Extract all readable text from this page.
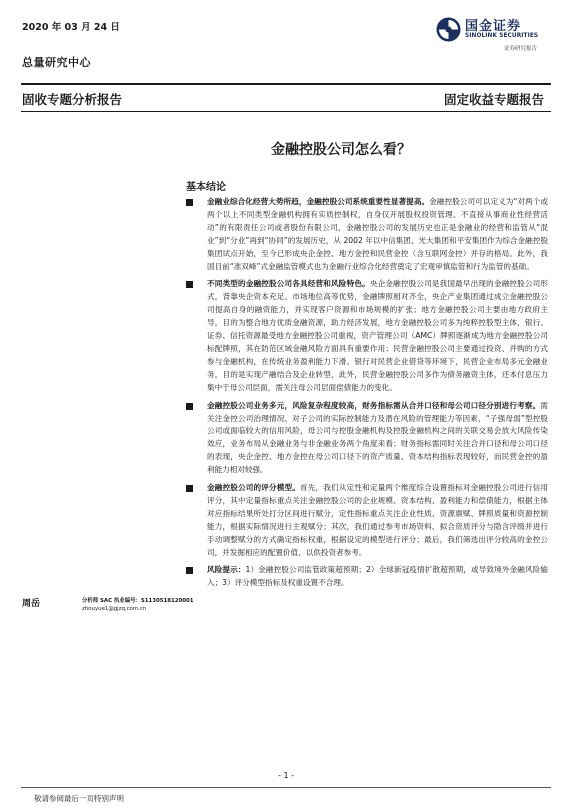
2020 年 03 月 24 日
总量研究中心
国金证券
SINOLINK SECURITIES
证券研究报告
固收专题分析报告	固定收益专题报告
金融控股公司怎么看？
基本结论
金融业综合化经营大势所趋，金融控股公司系统重要性显著提高。金融控股公司可以定义为“对两个或两个以上不同类型金融机构拥有实质控制权，自身仅开展股权投资管理、不直接从事商业性经营活动”的有限责任公司或者股份有限公司，金融控股公司的发展历史也正是金融业的经营和监管从“混业”到“分业”再到“协同”的发展历史，从 2002 年以中信集团、光大集团和平安集团作为综合金融控股集团试点开始，至今已形成央企金控、地方金控和民营金控（含互联网金控）并存的格局。此外，我国目前“准双峰”式金融监管模式也为金融行业综合化经营奠定了宏观审慎监管和行为监管的基础。
不同类型的金融控股公司各具经营和风险特色。央企金融控股公司是我国最早出现的金融控股公司形式，背靠央企资本充足、市场地位高等优势，金融牌照相对齐全，央企产业集团通过成立金融控股公司提高自身的融资能力，并实现客户资源和市场规模的扩张；地方金融控股公司主要由地方政府主导，目的为整合地方优质金融资源，助力经济发展，地方金融控股公司多为纯粹控股型主体，银行、证券、信托资源最受地方金融控股公司重视，资产管理公司（AMC）牌照逐渐成为地方金融控股公司标配牌照，其在防范区域金融风险方面具有重要作用；民营金融控股公司主要通过投资、并购的方式参与金融机构，在传统业务盈利能力下滑、银行对民营企业借贷等环境下，民营企业布局多元金融业务，目的是实现产融结合及企业转型，此外，民营金融控股公司多作为债务融资主体，还本付息压力集中于母公司层面，需关注母公司层面偿债能力的变化。
金融控股公司业务多元，风险复杂程度较高，财务指标需从合并口径和母公司口径分别进行考察。需关注金控公司治理情况、对子公司的实际控制能力及潜在风险的管理能力等因素，“子强母弱”型控股公司或面临较大的信用风险，母公司与控股金融机构及控股金融机构之间的关联交易会放大风险传染效应，业务布局从金融业务与非金融业务两个角度来看；财务指标需同时关注合并口径和母公司口径的表现，央企金控、地方金控在母公司口径下的资产质量、资本结构指标表现较好，而民营金控的盈利能力相对较强。
金融控股公司的评分模型。首先，我们从定性和定量两个维度综合设置指标对金融控股公司进行信用评分，其中定量指标重点关注金融控股公司的企业规模、资本结构、盈利能力和偿债能力，根据主体对应指标结果所处打分区间进行赋分，定性指标重点关注企业性质、资源禀赋、牌照质量和资源控制能力，根据实际情况进行主观赋分；其次，我们通过参考市场资料、拟合资质评分与隐含评级并进行手动调整赋分的方式确定指标权重，根据设定的模型进行评分；最后，我们筛选出评分较高的金控公司，并发掘相应的配置价值，以供投资者参考。
风险提示：1）金融控股公司监管政策超预期；2）全球新冠疫情扩散超预期，或导致境外金融风险输入；3）评分模型指标及权重设置不合理。
周岳	分析师 SAC 执业编号：S1130518120001
zhouyue1@gjzq.com.cn
- 1 -
敬请参阅最后一页特别声明
